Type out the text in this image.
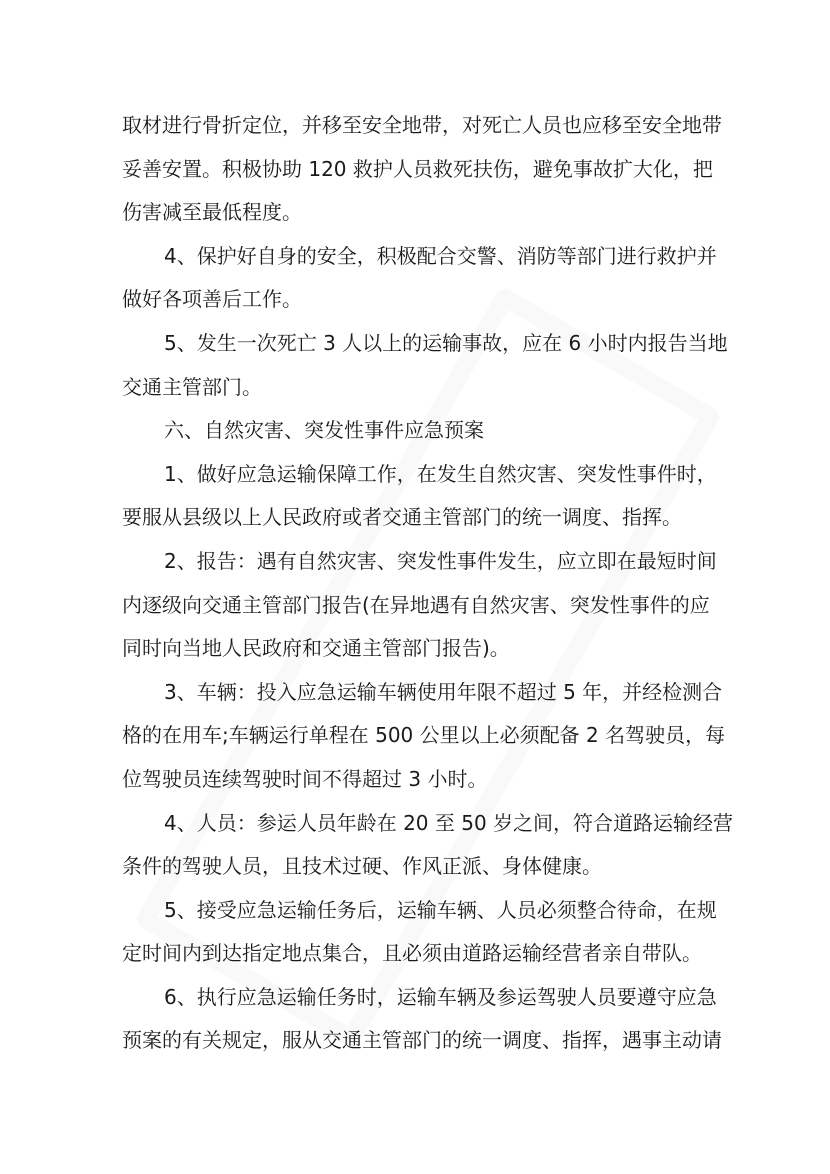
取材进行骨折定位，并移至安全地带，对死亡人员也应移至安全地带
妥善安置。积极协助 120 救护人员救死扶伤，避免事故扩大化，把
伤害减至最低程度。
4、保护好自身的安全，积极配合交警、消防等部门进行救护并
做好各项善后工作。
5、发生一次死亡 3 人以上的运输事故，应在 6 小时内报告当地
交通主管部门。
六、自然灾害、突发性事件应急预案
1、做好应急运输保障工作，在发生自然灾害、突发性事件时，
要服从县级以上人民政府或者交通主管部门的统一调度、指挥。
2、报告：遇有自然灾害、突发性事件发生，应立即在最短时间
内逐级向交通主管部门报告(在异地遇有自然灾害、突发性事件的应
同时向当地人民政府和交通主管部门报告)。
3、车辆：投入应急运输车辆使用年限不超过 5 年，并经检测合
格的在用车;车辆运行单程在 500 公里以上必须配备 2 名驾驶员，每
位驾驶员连续驾驶时间不得超过 3 小时。
4、人员：参运人员年龄在 20 至 50 岁之间，符合道路运输经营
条件的驾驶人员，且技术过硬、作风正派、身体健康。
5、接受应急运输任务后，运输车辆、人员必须整合待命，在规
定时间内到达指定地点集合，且必须由道路运输经营者亲自带队。
6、执行应急运输任务时，运输车辆及参运驾驶人员要遵守应急
预案的有关规定，服从交通主管部门的统一调度、指挥，遇事主动请
